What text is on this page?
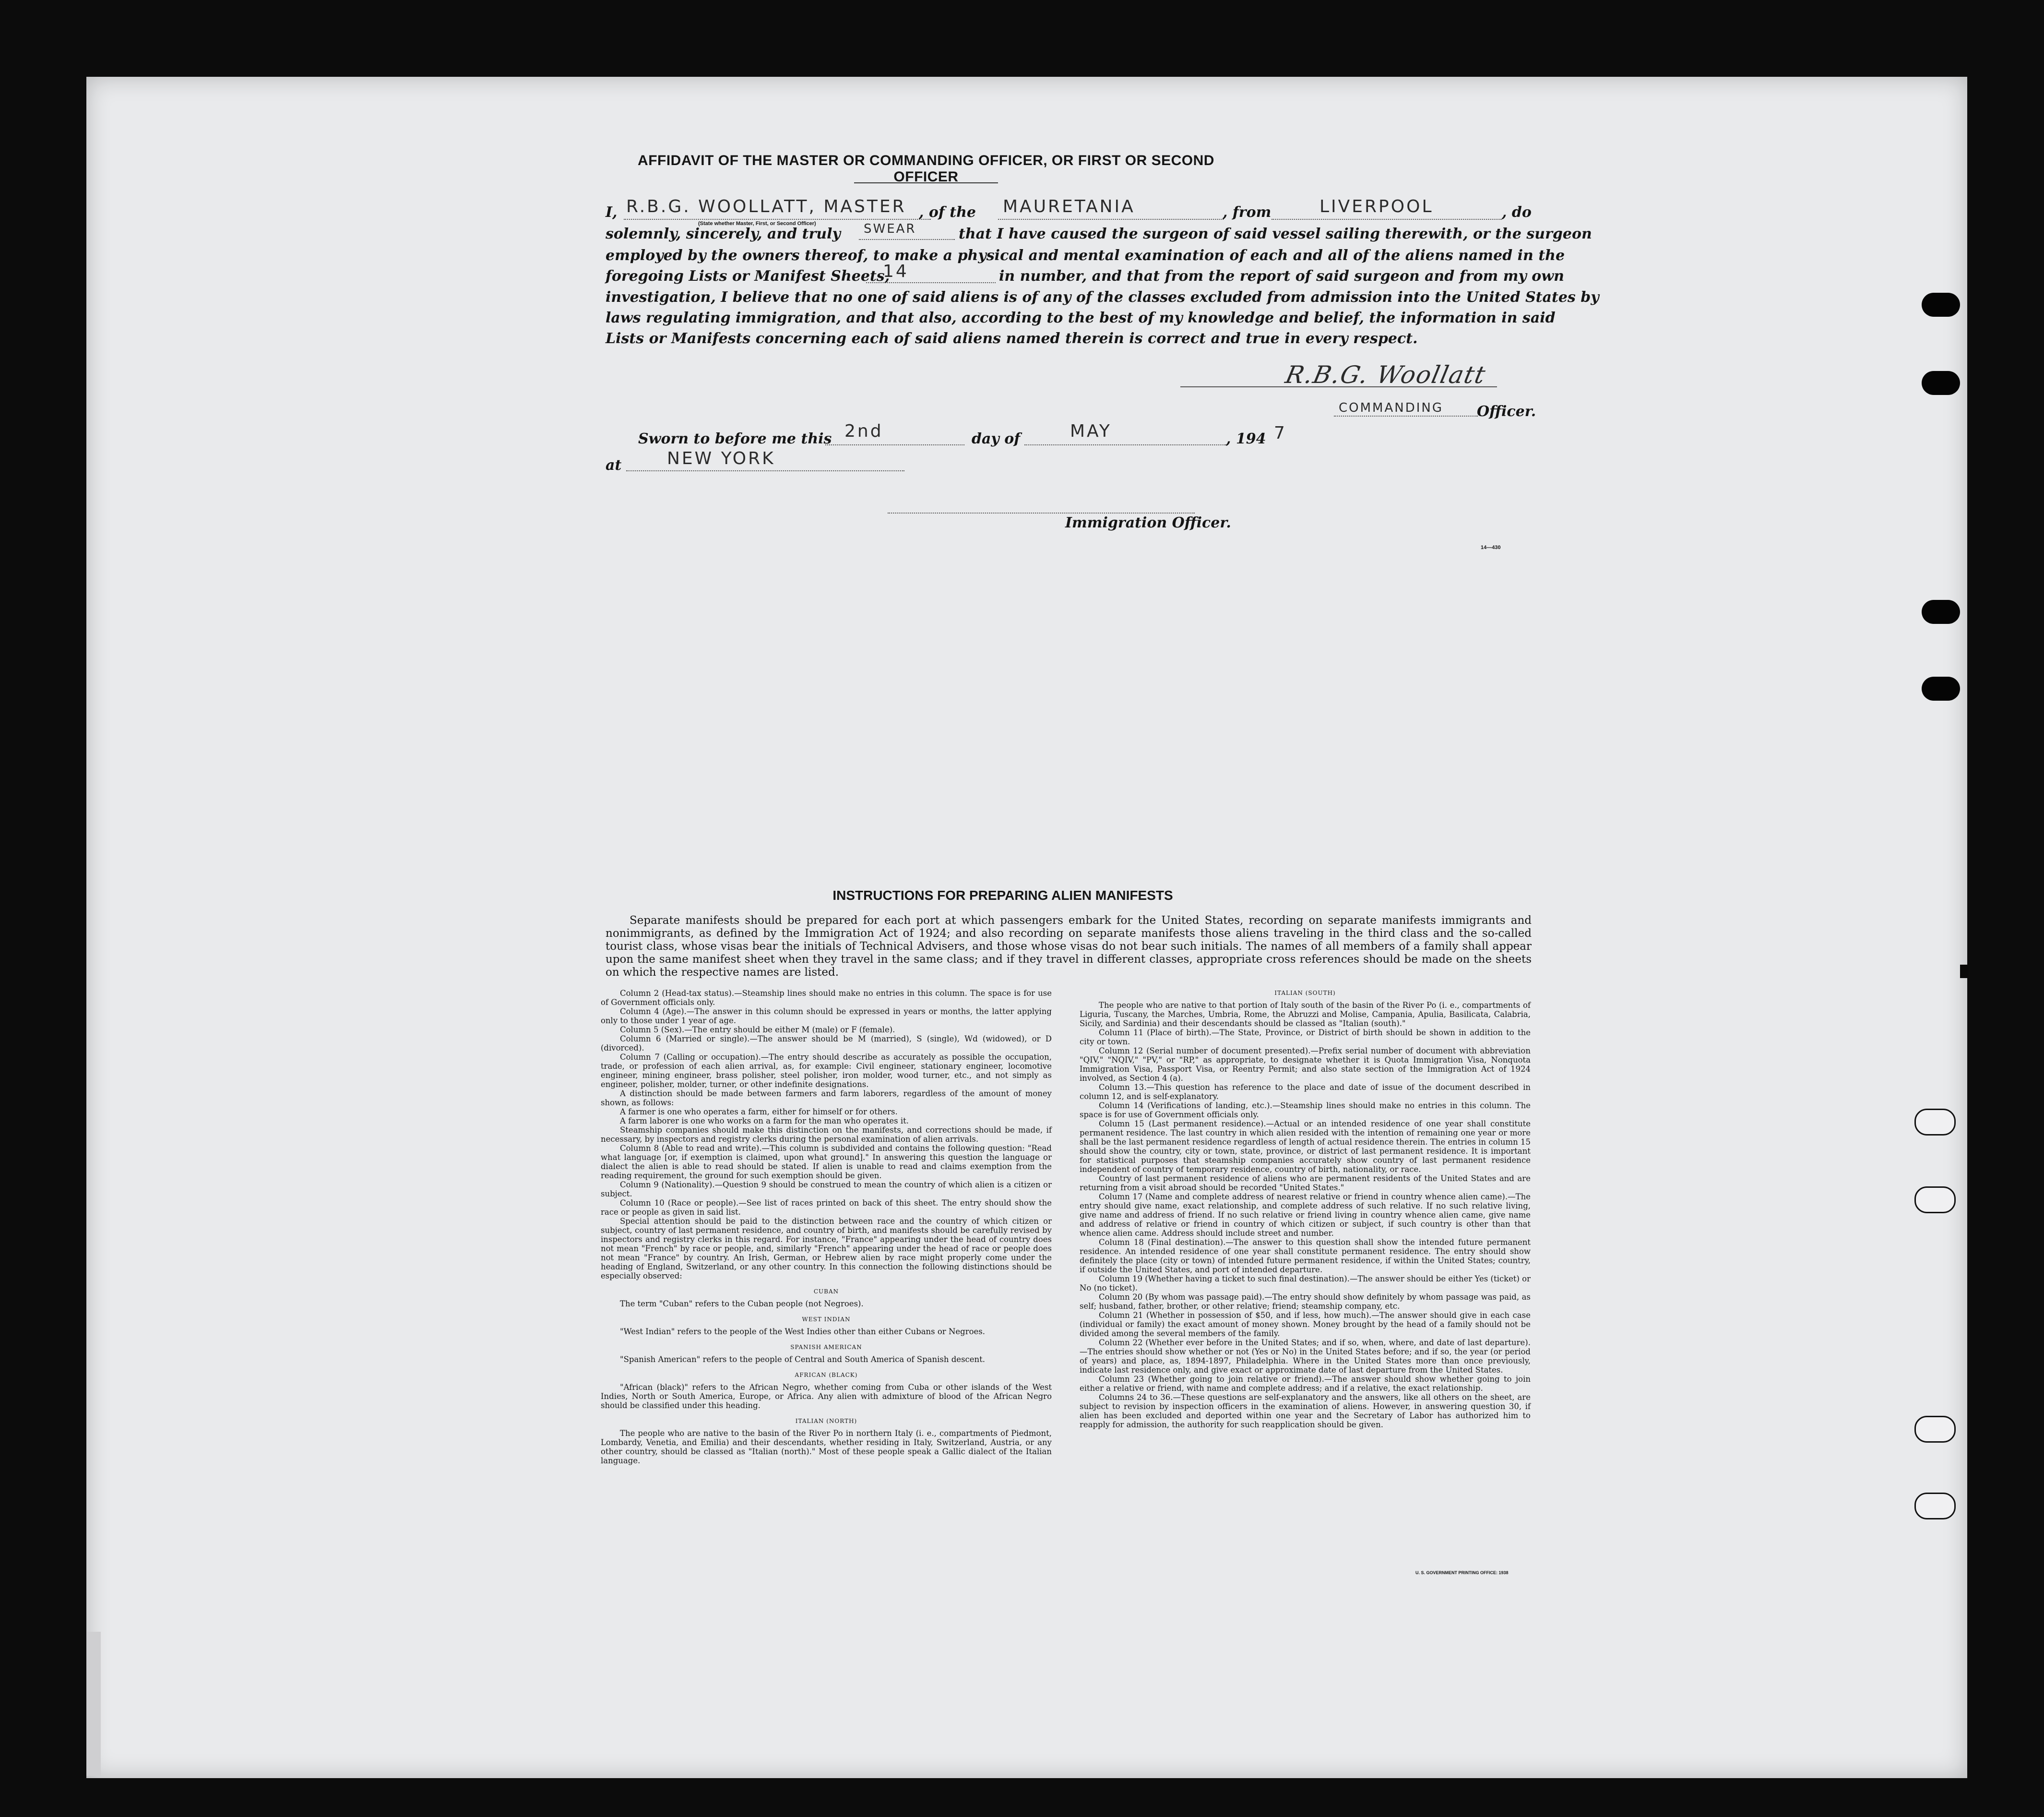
AFFIDAVIT OF THE MASTER OR COMMANDING OFFICER, OR FIRST OR SECOND OFFICER
I, R.B.G. WOOLLATT, MASTER
(State whether Master, First, or Second Officer)
, of the MAURETANIA	, from	LIVERPOOL	, do
solemnly, sincerely, and truly SWEAR	that I have caused the surgeon of said vessel sailing therewith, or the surgeon
employed by the owners thereof, to make a physical and mental examination of each and all of the aliens named in the
foregoing Lists or Manifest Sheets,
14	in number, and that from the report of said surgeon and from my own
investigation, I believe that no one of said aliens is of any of the classes excluded from admission into the United States by
laws regulating immigration, and that also, according to the best of my knowledge and belief, the information in said
Lists or Manifests concerning each of said aliens named therein is correct and true in every respect.
R.B.G. Woollatt
COMMANDING Officer.
Sworn to before me this 2nd	day of	MAY	, 194 7
at	NEW YORK
Immigration Officer.
14—430
INSTRUCTIONS FOR PREPARING ALIEN MANIFESTS
Separate manifests should be prepared for each port at which passengers embark for the United States, recording on separate manifests immigrants and nonimmigrants, as defined by the Immigration Act of 1924; and also recording on separate manifests those aliens traveling in the third class and the so-called tourist class, whose visas bear the initials of Technical Advisers, and those whose visas do not bear such initials. The names of all members of a family shall appear upon the same manifest sheet when they travel in the same class; and if they travel in different classes, appropriate cross references should be made on the sheets on which the respective names are listed.

Column 2 (Head-tax status).—Steamship lines should make no entries in this column. The space is for use of Government officials only.

Column 4 (Age).—The answer in this column should be expressed in years or months, the latter applying only to those under 1 year of age.

Column 5 (Sex).—The entry should be either M (male) or F (female).

Column 6 (Married or single).—The answer should be M (married), S (single), Wd (widowed), or D (divorced).

Column 7 (Calling or occupation).—The entry should describe as accurately as possible the occupation, trade, or profession of each alien arrival, as, for example: Civil engineer, stationary engineer, locomotive engineer, mining engineer, brass polisher, steel polisher, iron molder, wood turner, etc., and not simply as engineer, polisher, molder, turner, or other indefinite designations.

A distinction should be made between farmers and farm laborers, regardless of the amount of money shown, as follows:

A farmer is one who operates a farm, either for himself or for others.

A farm laborer is one who works on a farm for the man who operates it.

Steamship companies should make this distinction on the manifests, and corrections should be made, if necessary, by inspectors and registry clerks during the personal examination of alien arrivals.

Column 8 (Able to read and write).—This column is subdivided and contains the following question: "Read what language [or, if exemption is claimed, upon what ground]." In answering this question the language or dialect the alien is able to read should be stated. If alien is unable to read and claims exemption from the reading requirement, the ground for such exemption should be given.

Column 9 (Nationality).—Question 9 should be construed to mean the country of which alien is a citizen or subject.

Column 10 (Race or people).—See list of races printed on back of this sheet. The entry should show the race or people as given in said list.

Special attention should be paid to the distinction between race and the country of which citizen or subject, country of last permanent residence, and country of birth, and manifests should be carefully revised by inspectors and registry clerks in this regard. For instance, "France" appearing under the head of country does not mean "French" by race or people, and, similarly "French" appearing under the head of race or people does not mean "France" by country. An Irish, German, or Hebrew alien by race might properly come under the heading of England, Switzerland, or any other country. In this connection the following distinctions should be especially observed:

CUBAN

The term "Cuban" refers to the Cuban people (not Negroes).

WEST INDIAN

"West Indian" refers to the people of the West Indies other than either Cubans or Negroes.

SPANISH AMERICAN

"Spanish American" refers to the people of Central and South America of Spanish descent.

AFRICAN (BLACK)

"African (black)" refers to the African Negro, whether coming from Cuba or other islands of the West Indies, North or South America, Europe, or Africa. Any alien with admixture of blood of the African Negro should be classified under this heading.

ITALIAN (NORTH)

The people who are native to the basin of the River Po in northern Italy (i. e., compartments of Piedmont, Lombardy, Venetia, and Emilia) and their descendants, whether residing in Italy, Switzerland, Austria, or any other country, should be classed as "Italian (north)." Most of these people speak a Gallic dialect of the Italian language.

ITALIAN (SOUTH)

The people who are native to that portion of Italy south of the basin of the River Po (i. e., compartments of Liguria, Tuscany, the Marches, Umbria, Rome, the Abruzzi and Molise, Campania, Apulia, Basilicata, Calabria, Sicily, and Sardinia) and their descendants should be classed as "Italian (south)."

Column 11 (Place of birth).—The State, Province, or District of birth should be shown in addition to the city or town.

Column 12 (Serial number of document presented).—Prefix serial number of document with abbreviation "QIV," "NQIV," "PV," or "RP," as appropriate, to designate whether it is Quota Immigration Visa, Nonquota Immigration Visa, Passport Visa, or Reentry Permit; and also state section of the Immigration Act of 1924 involved, as Section 4 (a).

Column 13.—This question has reference to the place and date of issue of the document described in column 12, and is self-explanatory.

Column 14 (Verifications of landing, etc.).—Steamship lines should make no entries in this column. The space is for use of Government officials only.

Column 15 (Last permanent residence).—Actual or an intended residence of one year shall constitute permanent residence. The last country in which alien resided with the intention of remaining one year or more shall be the last permanent residence regardless of length of actual residence therein. The entries in column 15 should show the country, city or town, state, province, or district of last permanent residence. It is important for statistical purposes that steamship companies accurately show country of last permanent residence independent of country of temporary residence, country of birth, nationality, or race.

Country of last permanent residence of aliens who are permanent residents of the United States and are returning from a visit abroad should be recorded "United States."

Column 17 (Name and complete address of nearest relative or friend in country whence alien came).—The entry should give name, exact relationship, and complete address of such relative. If no such relative living, give name and address of friend. If no such relative or friend living in country whence alien came, give name and address of relative or friend in country of which citizen or subject, if such country is other than that whence alien came. Address should include street and number.

Column 18 (Final destination).—The answer to this question shall show the intended future permanent residence. An intended residence of one year shall constitute permanent residence. The entry should show definitely the place (city or town) of intended future permanent residence, if within the United States; country, if outside the United States, and port of intended departure.

Column 19 (Whether having a ticket to such final destination).—The answer should be either Yes (ticket) or No (no ticket).

Column 20 (By whom was passage paid).—The entry should show definitely by whom passage was paid, as self; husband, father, brother, or other relative; friend; steamship company, etc.

Column 21 (Whether in possession of $50, and if less, how much).—The answer should give in each case (individual or family) the exact amount of money shown. Money brought by the head of a family should not be divided among the several members of the family.

Column 22 (Whether ever before in the United States; and if so, when, where, and date of last departure).—The entries should show whether or not (Yes or No) in the United States before; and if so, the year (or period of years) and place, as, 1894-1897, Philadelphia. Where in the United States more than once previously, indicate last residence only, and give exact or approximate date of last departure from the United States.

Column 23 (Whether going to join relative or friend).—The answer should show whether going to join either a relative or friend, with name and complete address; and if a relative, the exact relationship.

Columns 24 to 36.—These questions are self-explanatory and the answers, like all others on the sheet, are subject to revision by inspection officers in the examination of aliens. However, in answering question 30, if alien has been excluded and deported within one year and the Secretary of Labor has authorized him to reapply for admission, the authority for such reapplication should be given.

U. S. GOVERNMENT PRINTING OFFICE: 1938
